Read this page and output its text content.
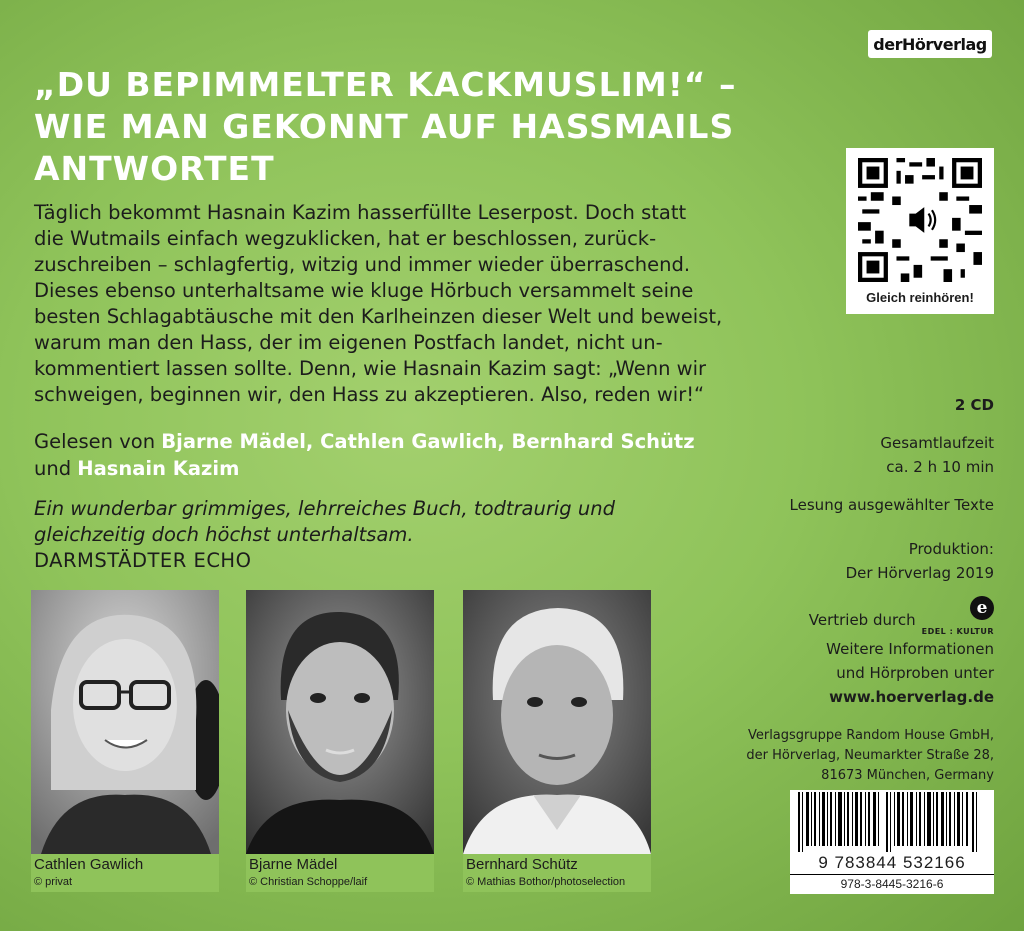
der Hör verlag
„DU BEPIMMELTER KACKMUSLIM!“ –
WIE MAN GEKONNT AUF HASSMAILS
ANTWORTET

Täglich bekommt Hasnain Kazim hasserfüllte Leserpost. Doch statt
die Wutmails einfach wegzuklicken, hat er beschlossen, zurück-
zuschreiben – schlagfertig, witzig und immer wieder überraschend.
Dieses ebenso unterhaltsame wie kluge Hörbuch versammelt seine
besten Schlagabtäusche mit den Karlheinzen dieser Welt und beweist,
warum man den Hass, der im eigenen Postfach landet, nicht un-
kommentiert lassen sollte. Denn, wie Hasnain Kazim sagt: „Wenn wir
schweigen, beginnen wir, den Hass zu akzeptieren. Also, reden wir!“

Gelesen von Bjarne Mädel, Cathlen Gawlich, Bernhard Schütz
und Hasnain Kazim

Ein wunderbar grimmiges, lehrreiches Buch, todtraurig und
gleichzeitig doch höchst unterhaltsam.
DARMSTÄDTER ECHO

Cathlen Gawlich
© privat
Bjarne Mädel
© Christian Schoppe/laif
Bernhard Schütz
© Mathias Bothor/photoselection
Gleich reinhören!
2 CD
Gesamtlaufzeit
ca. 2 h 10 min
Lesung ausgewählter Texte
Produktion:
Der Hörverlag 2019
Vertrieb durch
e
EDEL : KULTUR
Weitere Informationen
und Hörproben unter
www.hoerverlag.de
Verlagsgruppe Random House GmbH,
der Hörverlag, Neumarkter Straße 28,
81673 München, Germany
9 783844 532166
978-3-8445-3216-6
